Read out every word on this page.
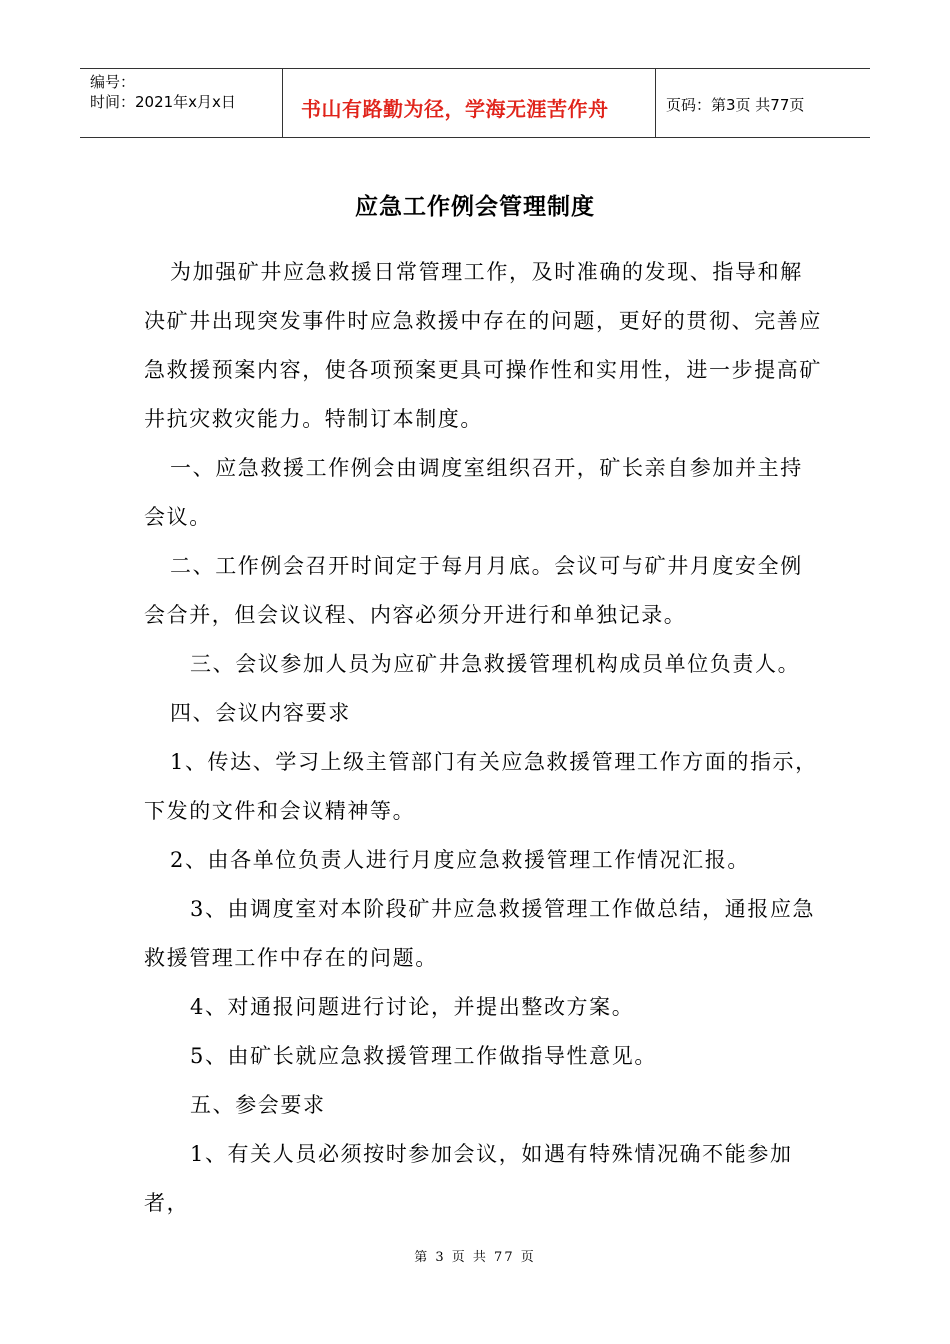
编号：
时间：2021年x月x日	书山有路勤为径，学海无涯苦作舟	页码：第3页 共77页
应急工作例会管理制度

为加强矿井应急救援日常管理工作，及时准确的发现、指导和解决矿井出现突发事件时应急救援中存在的问题，更好的贯彻、完善应急救援预案内容，使各项预案更具可操作性和实用性，进一步提高矿井抗灾救灾能力。特制订本制度。

一、应急救援工作例会由调度室组织召开，矿长亲自参加并主持会议。

二、工作例会召开时间定于每月月底。会议可与矿井月度安全例会合并，但会议议程、内容必须分开进行和单独记录。

三、会议参加人员为应矿井急救援管理机构成员单位负责人。

四、会议内容要求

1、传达、学习上级主管部门有关应急救援管理工作方面的指示，下发的文件和会议精神等。

2、由各单位负责人进行月度应急救援管理工作情况汇报。

3、由调度室对本阶段矿井应急救援管理工作做总结，通报应急救援管理工作中存在的问题。

4、对通报问题进行讨论，并提出整改方案。

5、由矿长就应急救援管理工作做指导性意见。

五、参会要求

1、有关人员必须按时参加会议，如遇有特殊情况确不能参加者，

第 3 页 共 77 页
